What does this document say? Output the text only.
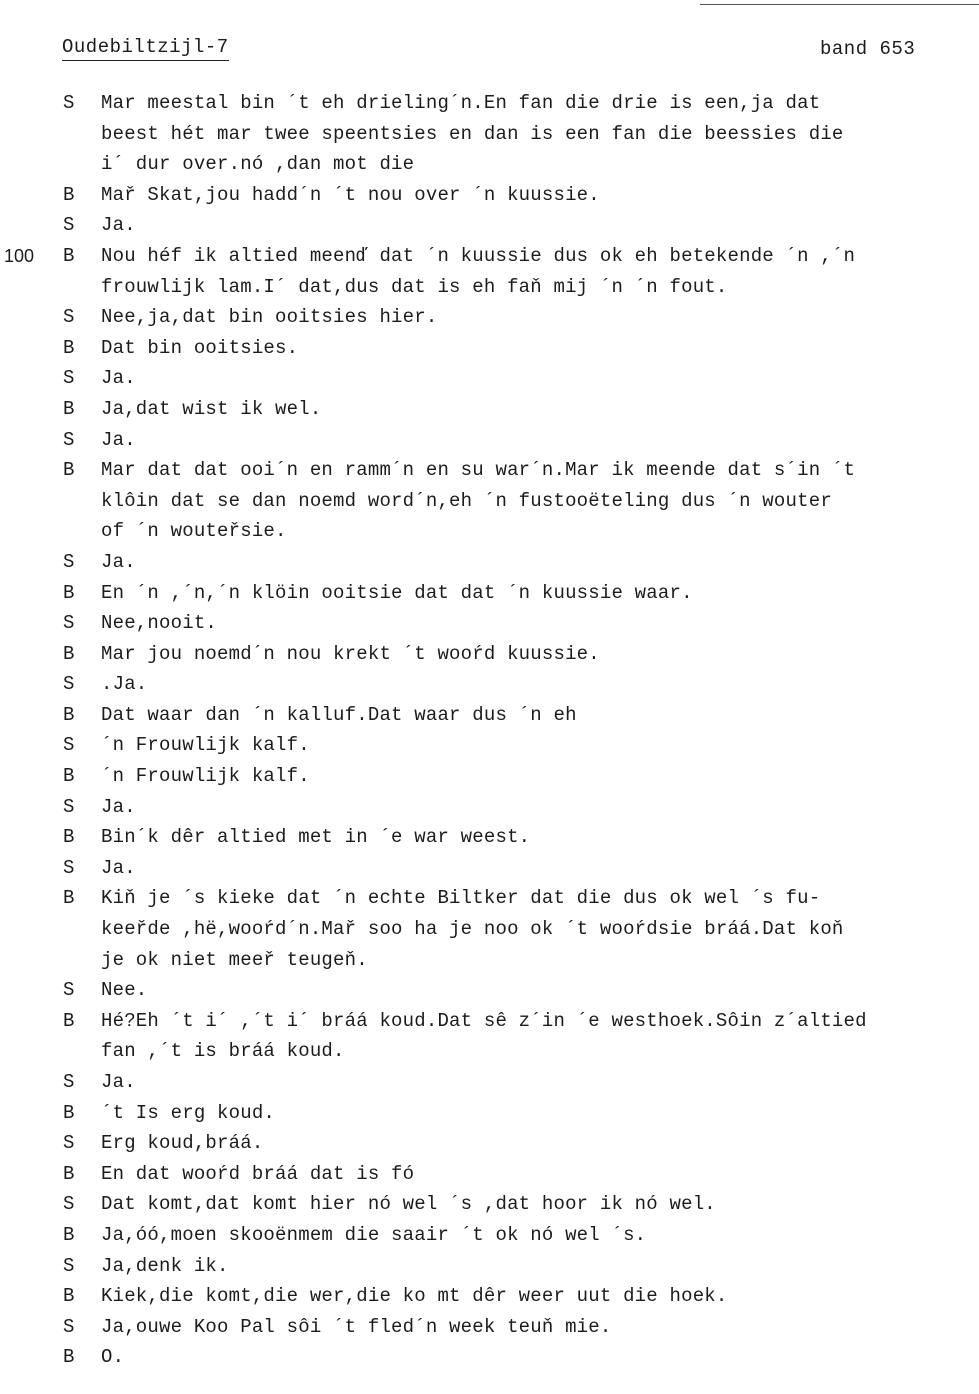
Oudebiltzijl-7	band 653
S	Mar meestal bin ´t eh drieling´n.En fan die drie is een,ja dat
beest hét mar twee speentsies en dan is een fan die beessies die
i´ dur over.nó ,dan mot die
B	Mař Skat,jou hadd´n ´t nou over ´n kuussie.
S	Ja.
100 B	Nou héf ik altied meenď dat ´n kuussie dus ok eh betekende ´n ,´n
frouwlijk lam.I´ dat,dus dat is eh faň mij ´n ´n fout.
S	Nee,ja,dat bin ooitsies hier.
B	Dat bin ooitsies.
S	Ja.
B	Ja,dat wist ik wel.
S	Ja.
B	Mar dat dat ooi´n en ramm´n en su war´n.Mar ik meende dat s´in ´t
klôin dat se dan noemd word´n,eh ´n fustooëteling dus ´n wouter
of ´n wouteřsie.
S	Ja.
B	En ´n ,´n,´n klöin ooitsie dat dat ´n kuussie waar.
S	Nee,nooit.
B	Mar jou noemd´n nou krekt ´t wooŕd kuussie.
S	.Ja.
B	Dat waar dan ´n kalluf.Dat waar dus ´n eh
S	´n Frouwlijk kalf.
B	´n Frouwlijk kalf.
S	Ja.
B	Bin´k dêr altied met in ´e war weest.
S	Ja.
B	Kiň je ´s kieke dat ´n echte Biltker dat die dus ok wel ´s fu-
keeřde ,hë,wooŕd´n.Mař soo ha je noo ok ´t wooŕdsie bráá.Dat koň
je ok niet meeř teugeň.
S	Nee.
B	Hé?Eh ´t i´ ,´t i´ bráá koud.Dat sê z´in ´e westhoek.Sôin z´altied
fan ,´t is bráá koud.
S	Ja.
B	´t Is erg koud.
S	Erg koud,bráá.
B	En dat wooŕd bráá dat is fó
S	Dat komt,dat komt hier nó wel ´s ,dat hoor ik nó wel.
B	Ja,óó,moen skooënmem die saair ´t ok nó wel ´s.
S	Ja,denk ik.
B	Kiek,die komt,die wer,die ko mt dêr weer uut die hoek.
S	Ja,ouwe Koo Pal sôi ´t fled´n week teuň mie.
B	O.
